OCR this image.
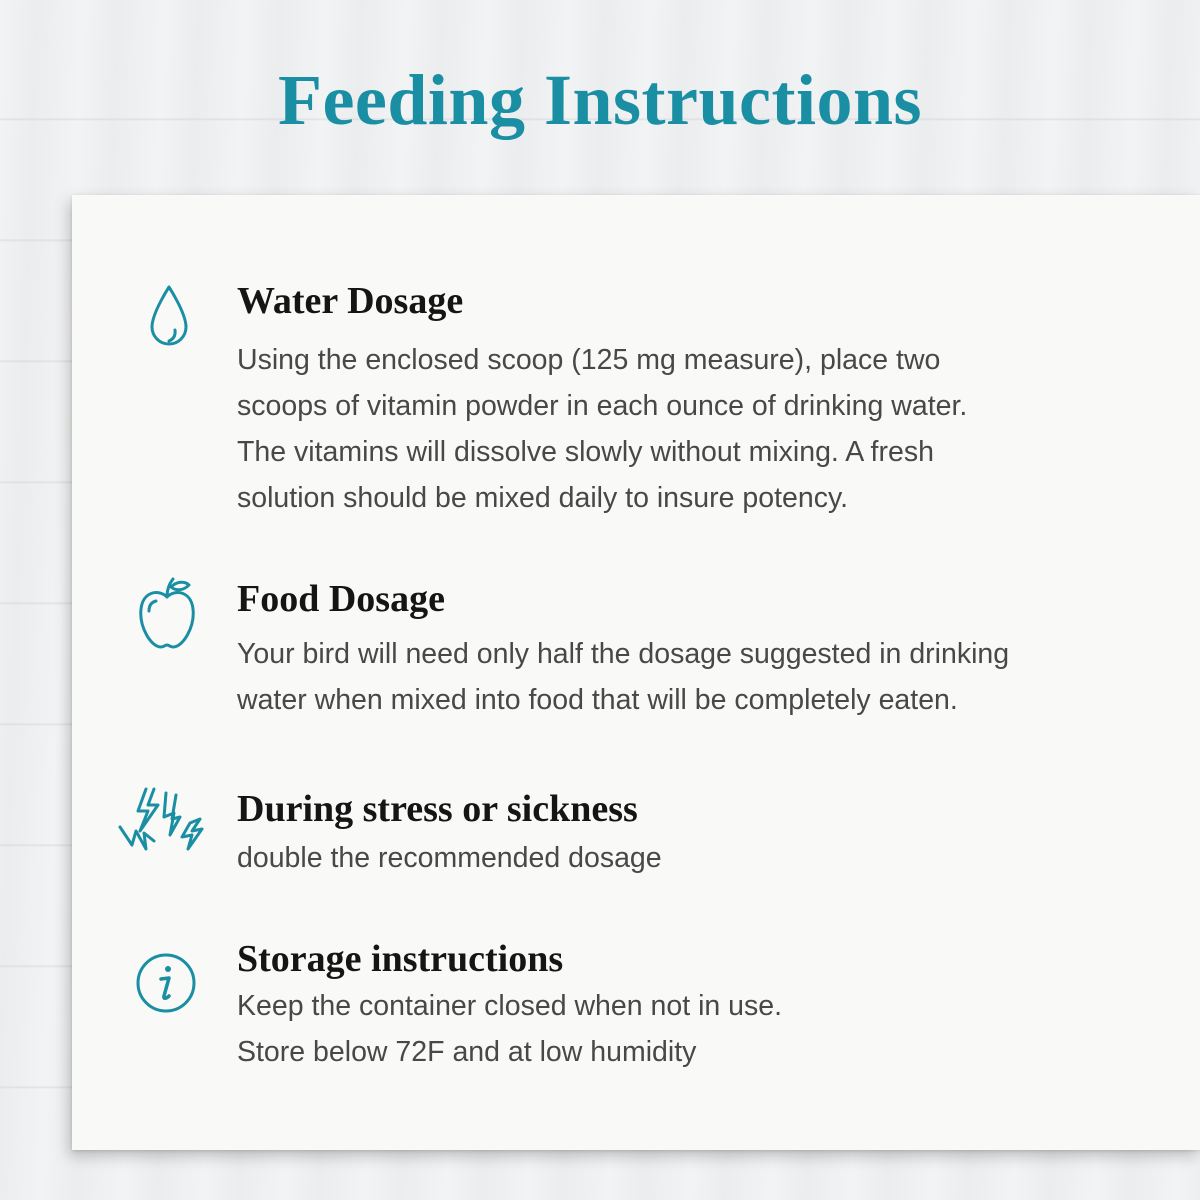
Feeding Instructions
Water Dosage

Using the enclosed scoop (125 mg measure), place two

scoops of vitamin powder in each ounce of drinking water.

The vitamins will dissolve slowly without mixing. A fresh

solution should be mixed daily to insure potency.

Food Dosage

Your bird will need only half the dosage suggested in drinking

water when mixed into food that will be completely eaten.

During stress or sickness

double the recommended dosage

Storage instructions

Keep the container closed when not in use.

Store below 72F and at low humidity
